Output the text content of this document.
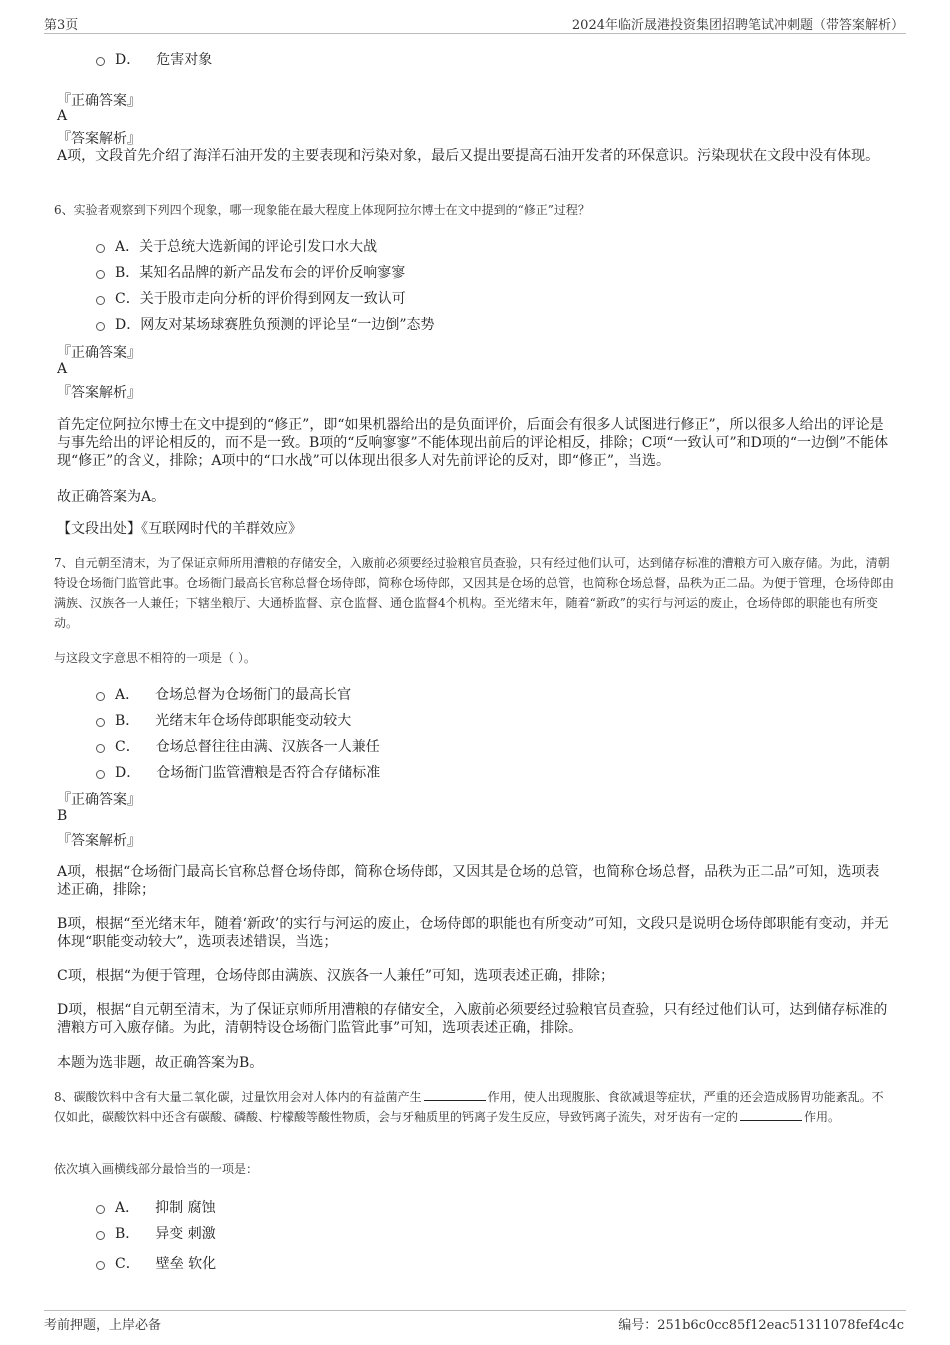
第3页	2024年临沂晟港投资集团招聘笔试冲刺题（带答案解析）
D． 危害对象
『正确答案』
A
『答案解析』
A项，文段首先介绍了海洋石油开发的主要表现和污染对象，最后又提出要提高石油开发者的环保意识。污染现状在文段中没有体现。
6、实验者观察到下列四个现象，哪一现象能在最大程度上体现阿拉尔博士在文中提到的“修正”过程？
A． 关于总统大选新闻的评论引发口水大战
B． 某知名品牌的新产品发布会的评价反响寥寥
C． 关于股市走向分析的评价得到网友一致认可
D． 网友对某场球赛胜负预测的评论呈“一边倒”态势
『正确答案』
A
『答案解析』
首先定位阿拉尔博士在文中提到的“修正”，即“如果机器给出的是负面评价，后面会有很多人试图进行修正”，所以很多人给出的评论是与事先给出的评论相反的，而不是一致。B项的“反响寥寥”不能体现出前后的评论相反，排除；C项“一致认可”和D项的“一边倒”不能体现“修正”的含义，排除；A项中的“口水战”可以体现出很多人对先前评论的反对，即“修正”，当选。
故正确答案为A。
【文段出处】《互联网时代的羊群效应》
7、自元朝至清末，为了保证京师所用漕粮的存储安全，入廒前必须要经过验粮官员查验，只有经过他们认可，达到储存标准的漕粮方可入廒存储。为此，清朝特设仓场衙门监管此事。仓场衙门最高长官称总督仓场侍郎，简称仓场侍郎，又因其是仓场的总管，也简称仓场总督，品秩为正二品。为便于管理，仓场侍郎由满族、汉族各一人兼任；下辖坐粮厅、大通桥监督、京仓监督、通仓监督4个机构。至光绪末年，随着“新政”的实行与河运的废止，仓场侍郎的职能也有所变动。
与这段文字意思不相符的一项是（ ）。
A． 仓场总督为仓场衙门的最高长官
B． 光绪末年仓场侍郎职能变动较大
C． 仓场总督往往由满、汉族各一人兼任
D． 仓场衙门监管漕粮是否符合存储标准
『正确答案』
B
『答案解析』
A项，根据“仓场衙门最高长官称总督仓场侍郎，简称仓场侍郎，又因其是仓场的总管，也简称仓场总督，品秩为正二品”可知，选项表述正确，排除；
B项，根据“至光绪末年，随着‘新政’的实行与河运的废止，仓场侍郎的职能也有所变动”可知，文段只是说明仓场侍郎职能有变动，并无体现“职能变动较大”，选项表述错误，当选；
C项，根据“为便于管理，仓场侍郎由满族、汉族各一人兼任”可知，选项表述正确，排除；
D项，根据“自元朝至清末，为了保证京师所用漕粮的存储安全，入廒前必须要经过验粮官员查验，只有经过他们认可，达到储存标准的漕粮方可入廒存储。为此，清朝特设仓场衙门监管此事”可知，选项表述正确，排除。
本题为选非题，故正确答案为B。
8、碳酸饮料中含有大量二氧化碳，过量饮用会对人体内的有益菌产生	作用，使人出现腹胀、食欲减退等症状，严重的还会造成肠胃功能紊乱。不仅如此，碳酸饮料中还含有碳酸、磷酸、柠檬酸等酸性物质，会与牙釉质里的钙离子发生反应，导致钙离子流失，对牙齿有一定的	作用。
依次填入画横线部分最恰当的一项是：
A． 抑制 腐蚀
B． 异变 刺激
C． 壁垒 软化
考前押题，上岸必备	编号：251b6c0cc85f12eac51311078fef4c4c
